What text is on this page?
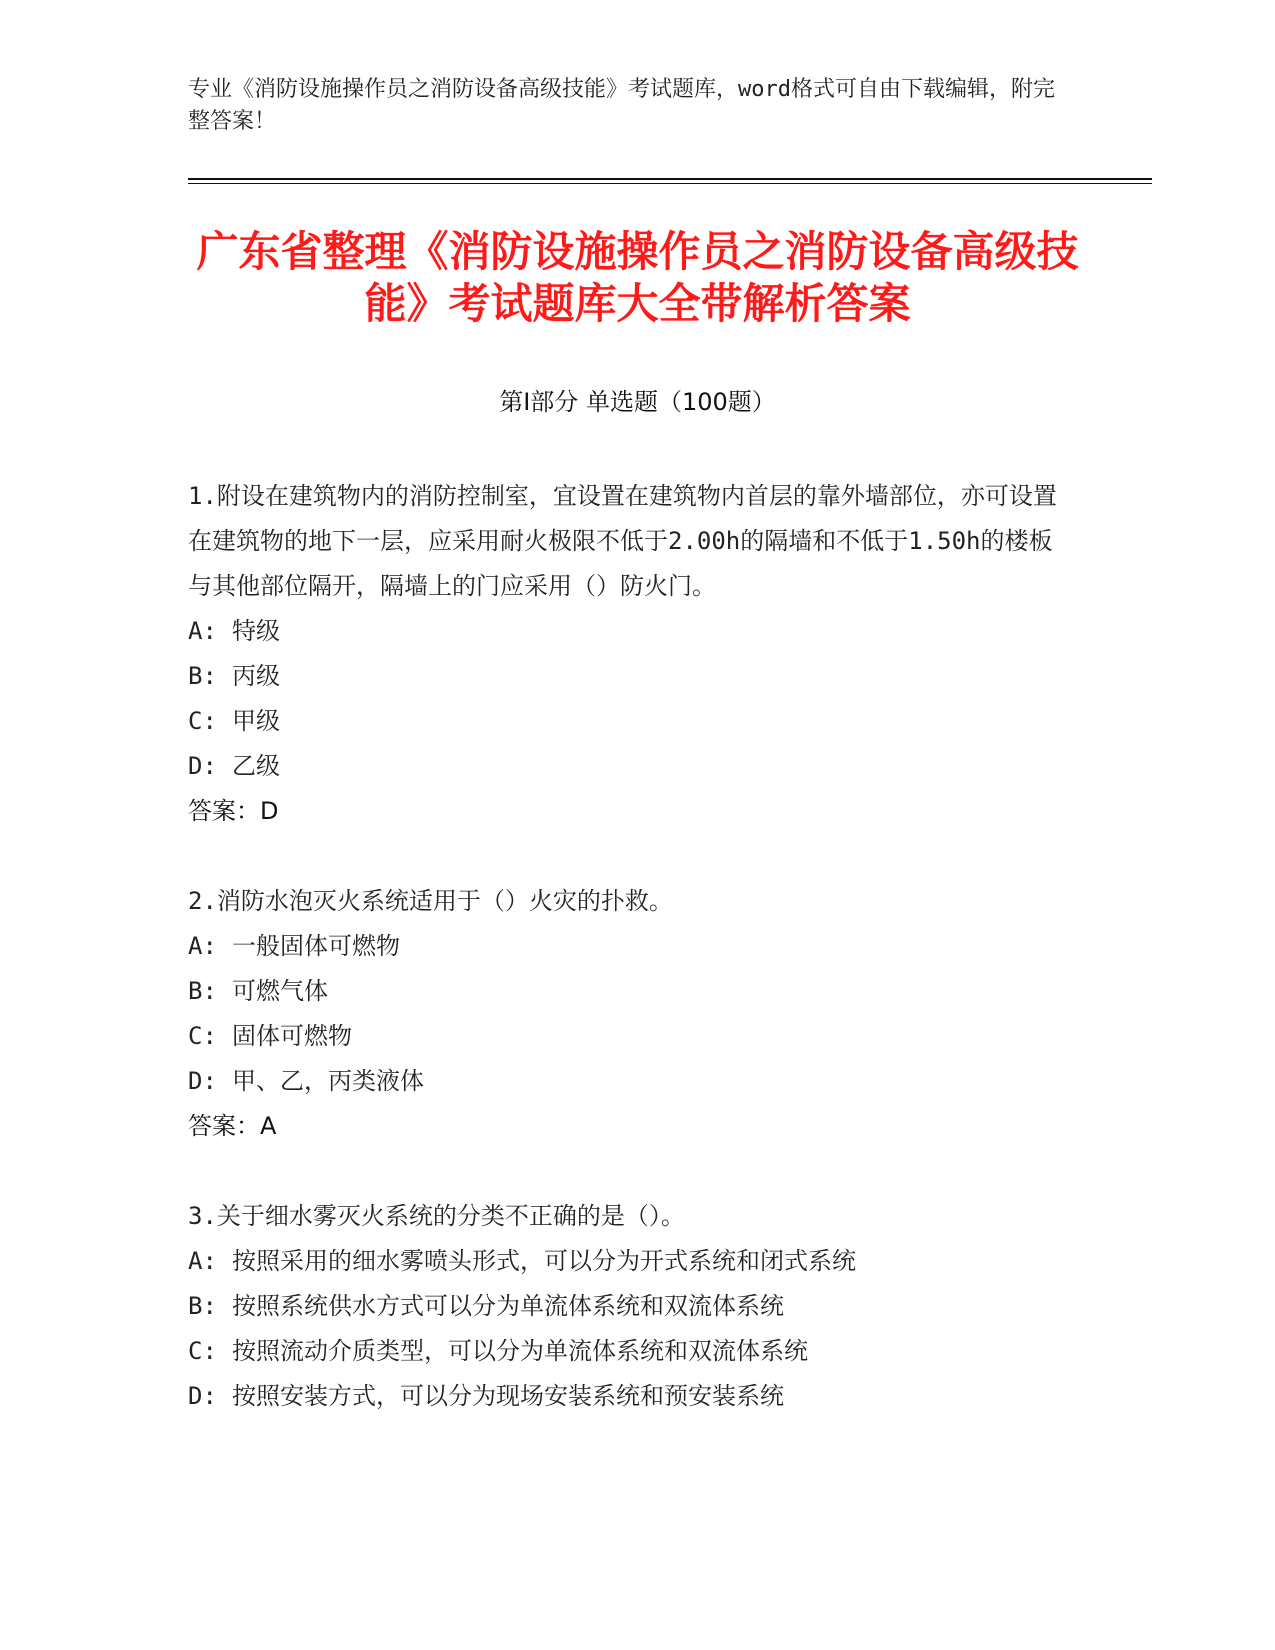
专业《消防设施操作员之消防设备高级技能》考试题库，word格式可自由下载编辑，附完整答案！
广东省整理《消防设施操作员之消防设备高级技能》考试题库大全带解析答案
第Ⅰ部分 单选题（100题）

1.附设在建筑物内的消防控制室，宜设置在建筑物内首层的靠外墙部位，亦可设置在建筑物的地下一层，应采用耐火极限不低于2.00h的隔墙和不低于1.50h的楼板与其他部位隔开，隔墙上的门应采用（）防火门。

A: 特级

B: 丙级

C: 甲级

D: 乙级

答案：D

2.消防水泡灭火系统适用于（）火灾的扑救。

A: 一般固体可燃物

B: 可燃气体

C: 固体可燃物

D: 甲、乙，丙类液体

答案：A

3.关于细水雾灭火系统的分类不正确的是（）。

A: 按照采用的细水雾喷头形式，可以分为开式系统和闭式系统

B: 按照系统供水方式可以分为单流体系统和双流体系统

C: 按照流动介质类型，可以分为单流体系统和双流体系统

D: 按照安装方式，可以分为现场安装系统和预安装系统
